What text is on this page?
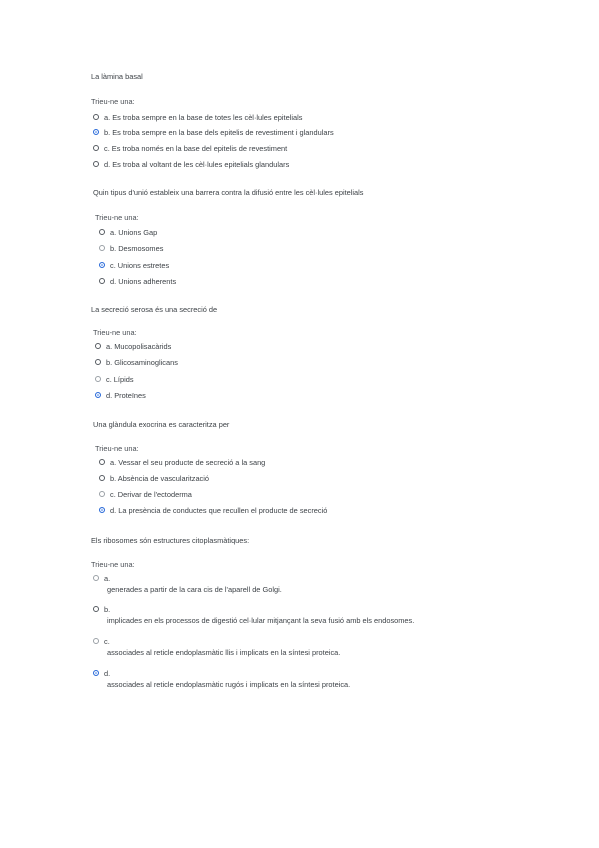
La làmina basal
Trieu-ne una:
a. Es troba sempre en la base de totes les cèl·lules epitelials
b. Es troba sempre en la base dels epitelis de revestiment i glandulars
c. Es troba només en la base del epitelis de revestiment
d. Es troba al voltant de les cèl·lules epitelials glandulars
Quin tipus d'unió estableix una barrera contra la difusió entre les cèl·lules epitelials
Trieu-ne una:
a. Unions Gap
b. Desmosomes
c. Unions estretes
d. Unions adherents
La secreció serosa és una secreció de
Trieu-ne una:
a. Mucopolisacàrids
b. Glicosaminoglicans
c. Lípids
d. Proteïnes
Una glàndula exocrina es caracteritza per
Trieu-ne una:
a. Vessar el seu producte de secreció a la sang
b. Absència de vascularització
c. Derivar de l'ectoderma
d. La presència de conductes que recullen el producte de secreció
Els ribosomes són estructures citoplasmàtiques:
Trieu-ne una:
a.
generades a partir de la cara cis de l'aparell de Golgi.
b.
implicades en els processos de digestió cel·lular mitjançant la seva fusió amb els endosomes.
c.
associades al reticle endoplasmàtic llis i implicats en la síntesi proteica.
d.
associades al reticle endoplasmàtic rugós i implicats en la síntesi proteica.
